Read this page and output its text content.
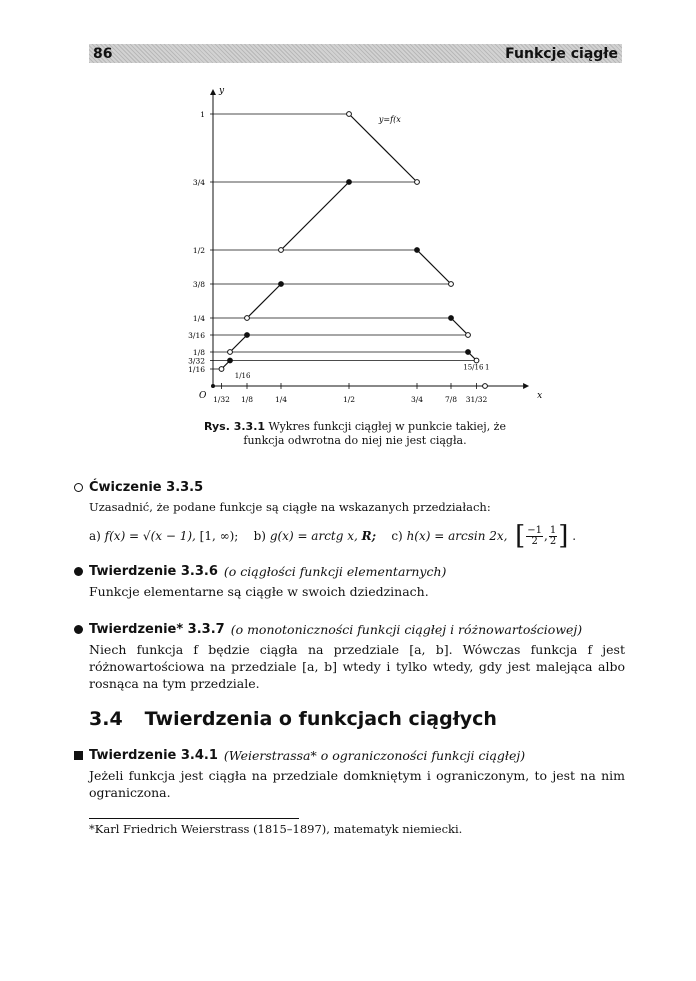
86	Funkcje ciągłe
y
x
O
1
3/4
1/2
3/8
1/4
3/16
1/8
3/32
1/16
1/32 1/8	1/4	1/2	3/4	7/8 31/32
y=f(x
1/16
15/16 1
Rys. 3.3.1 Wykres funkcji ciągłej w punkcie takiej, że funkcja odwrotna do niej nie jest ciągła.
Ćwiczenie 3.3.5
Uzasadnić, że podane funkcje są ciągłe na wskazanych przedziałach:
a)
f(x) = √(x − 1),
[1, ∞);
b)
g(x) = arctg x,
R;
c)
h(x) = arcsin 2x,
[ $\frac{-1}{2}$ , $\frac{1}{2}$ ] .
Twierdzenie 3.3.6 (o ciągłości funkcji elementarnych)
Funkcje elementarne są ciągłe w swoich dziedzinach.
Twierdzenie* 3.3.7 (o monotoniczności funkcji ciągłej i różnowartościowej)
Niech funkcja f będzie ciągła na przedziale [a, b]. Wówczas funkcja f jest różnowartościowa na przedziale [a, b] wtedy i tylko wtedy, gdy jest malejąca albo rosnąca na tym przedziale.
3.4 Twierdzenia o funkcjach ciągłych
Twierdzenie 3.4.1 (Weierstrassa* o ograniczoności funkcji ciągłej)
Jeżeli funkcja jest ciągła na przedziale domkniętym i ograniczonym, to jest na nim ograniczona.
*Karl Friedrich Weierstrass (1815–1897), matematyk niemiecki.
